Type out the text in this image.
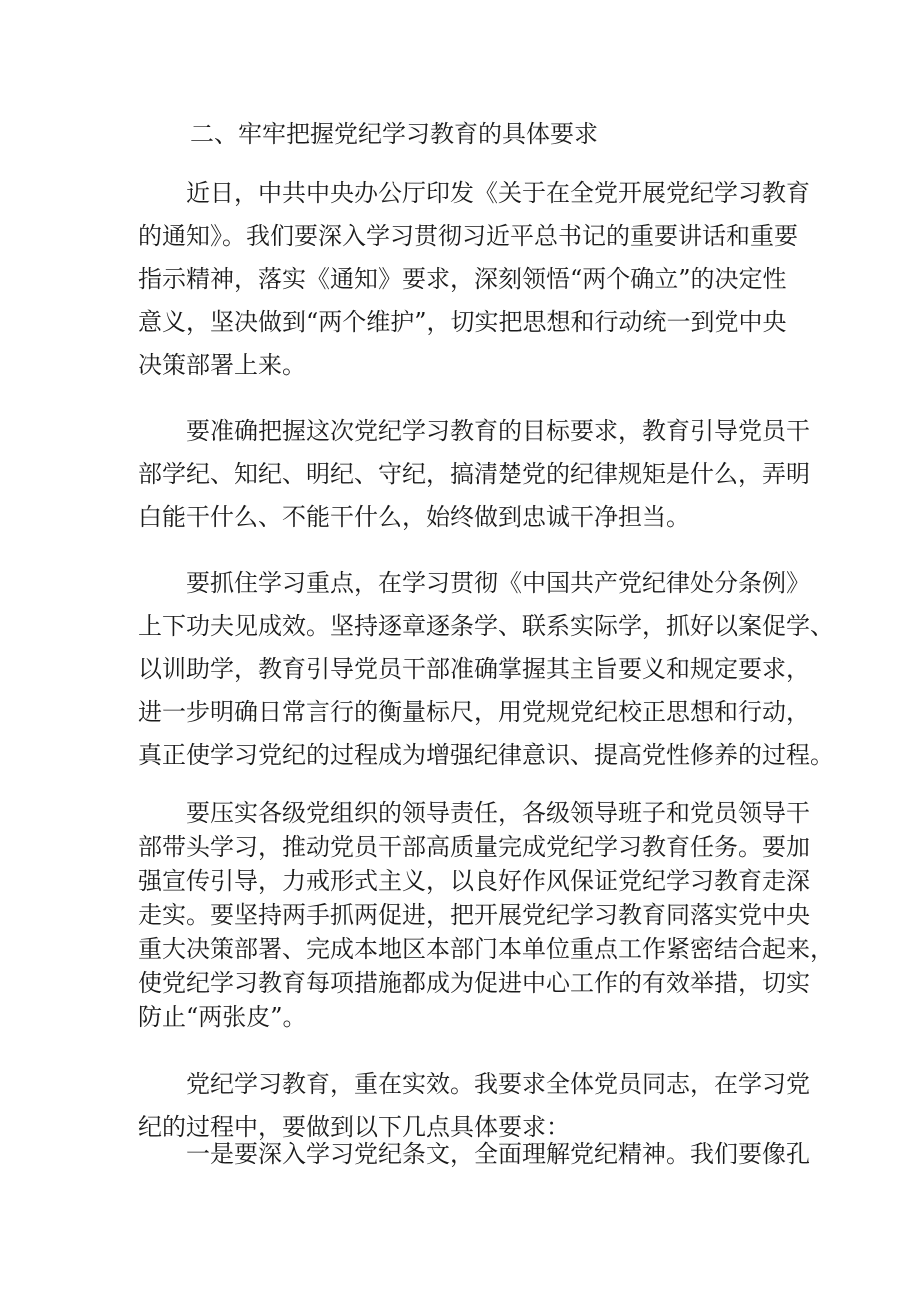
二、牢牢把握党纪学习教育的具体要求

　　近日，中共中央办公厅印发《关于在全党开展党纪学习教育
的通知》。我们要深入学习贯彻习近平总书记的重要讲话和重要
指示精神，落实《通知》要求，深刻领悟“两个确立”的决定性
意义，坚决做到“两个维护”，切实把思想和行动统一到党中央
决策部署上来。

　　要准确把握这次党纪学习教育的目标要求，教育引导党员干
部学纪、知纪、明纪、守纪，搞清楚党的纪律规矩是什么，弄明
白能干什么、不能干什么，始终做到忠诚干净担当。

　　要抓住学习重点，在学习贯彻《中国共产党纪律处分条例》
上下功夫见成效。坚持逐章逐条学、联系实际学，抓好以案促学、
以训助学，教育引导党员干部准确掌握其主旨要义和规定要求，
进一步明确日常言行的衡量标尺，用党规党纪校正思想和行动，
真正使学习党纪的过程成为增强纪律意识、提高党性修养的过程。

　　要压实各级党组织的领导责任，各级领导班子和党员领导干
部带头学习，推动党员干部高质量完成党纪学习教育任务。要加
强宣传引导，力戒形式主义，以良好作风保证党纪学习教育走深
走实。要坚持两手抓两促进，把开展党纪学习教育同落实党中央
重大决策部署、完成本地区本部门本单位重点工作紧密结合起来，
使党纪学习教育每项措施都成为促进中心工作的有效举措，切实
防止“两张皮”。

　　党纪学习教育，重在实效。我要求全体党员同志，在学习党
纪的过程中，要做到以下几点具体要求：

　　一是要深入学习党纪条文，全面理解党纪精神。我们要像孔
